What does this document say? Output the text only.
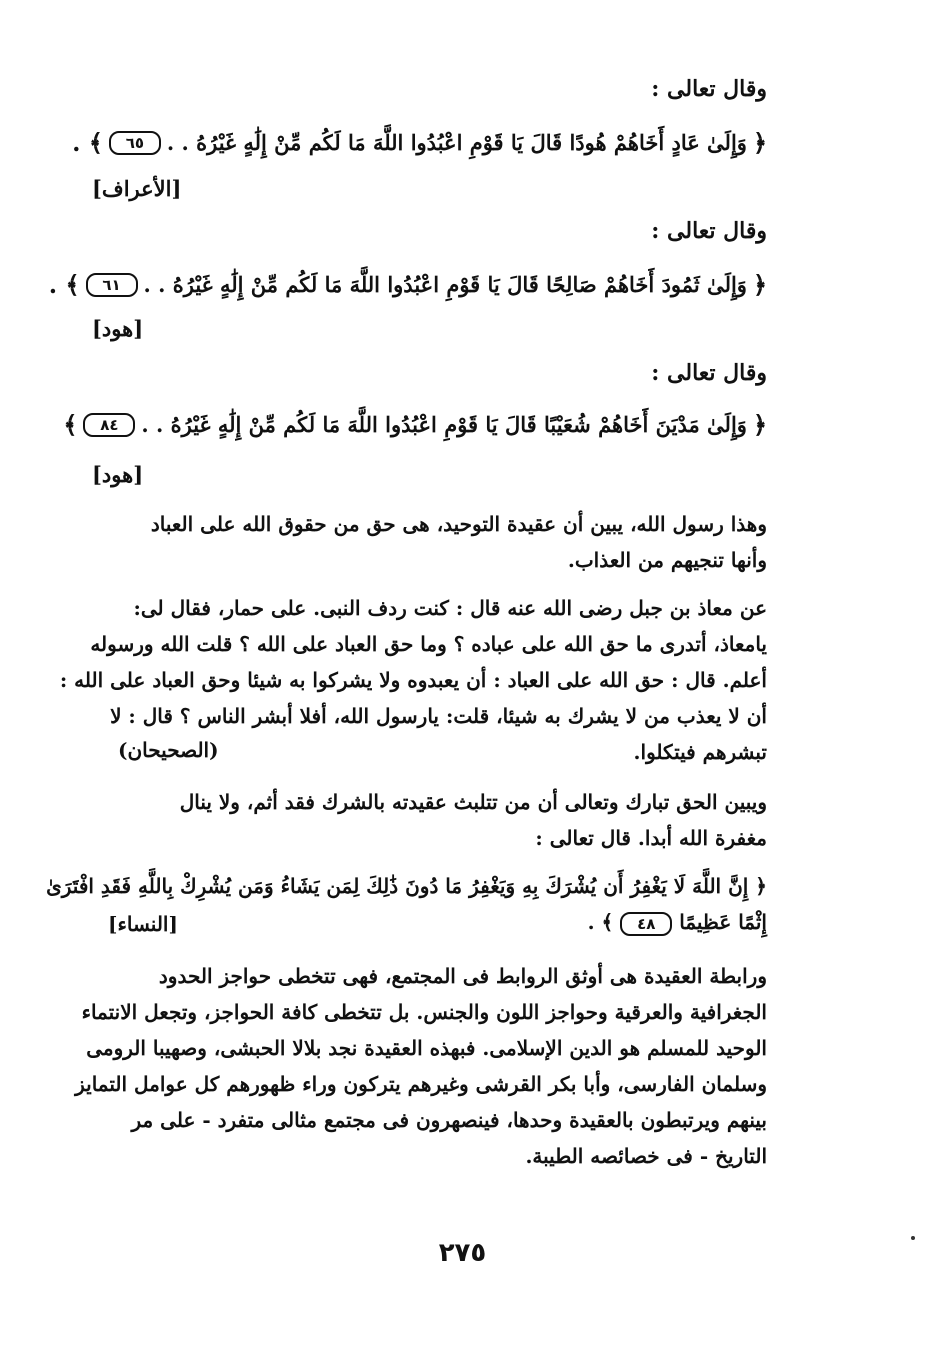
وقال تعالى :
﴿
وَإِلَىٰ عَادٍ أَخَاهُمْ هُودًا قَالَ يَا قَوْمِ اعْبُدُوا اللَّهَ مَا لَكُم مِّنْ إِلَٰهٍ غَيْرُهُ . .
٦٥
﴾ .
[الأعراف]
وقال تعالى :
﴿
وَإِلَىٰ ثَمُودَ أَخَاهُمْ صَالِحًا قَالَ يَا قَوْمِ اعْبُدُوا اللَّهَ مَا لَكُم مِّنْ إِلَٰهٍ غَيْرُهُ . .
٦١
﴾ .
[هود]
وقال تعالى :
﴿
وَإِلَىٰ مَدْيَنَ أَخَاهُمْ شُعَيْبًا قَالَ يَا قَوْمِ اعْبُدُوا اللَّهَ مَا لَكُم مِّنْ إِلَٰهٍ غَيْرُهُ . .
٨٤
﴾
[هود]
وهذا رسول الله، يبين أن عقيدة التوحيد، هى حق من حقوق الله على العباد
وأنها تنجيهم من العذاب.
عن معاذ بن جبل رضى الله عنه قال : كنت ردف النبى. على حمار، فقال لى:
يامعاذ، أتدرى ما حق الله على عباده ؟ وما حق العباد على الله ؟ قلت الله ورسوله
أعلم. قال : حق الله على العباد : أن يعبدوه ولا يشركوا به شيئا وحق العباد على الله :
أن لا يعذب من لا يشرك به شيئا، قلت: يارسول الله، أفلا أبشر الناس ؟ قال : لا
تبشرهم فيتكلوا.
(الصحيحان)
ويبين الحق تبارك وتعالى أن من تتلبث عقيدته بالشرك فقد أثم، ولا ينال
مغفرة الله أبدا. قال تعالى :
﴿ إِنَّ اللَّهَ لَا يَغْفِرُ أَن يُشْرَكَ بِهِ وَيَغْفِرُ مَا دُونَ ذَٰلِكَ لِمَن يَشَاءُ وَمَن يُشْرِكْ بِاللَّهِ فَقَدِ افْتَرَىٰ
إِثْمًا عَظِيمًا ٤٨ ﴾ .
[النساء]
ورابطة العقيدة هى أوثق الروابط فى المجتمع، فهى تتخطى حواجز الحدود
الجغرافية والعرقية وحواجز اللون والجنس. بل تتخطى كافة الحواجز، وتجعل الانتماء
الوحيد للمسلم هو الدين الإسلامى. فبهذه العقيدة نجد بلالا الحبشى، وصهيبا الرومى
وسلمان الفارسى، وأبا بكر القرشى وغيرهم يتركون وراء ظهورهم كل عوامل التمايز
بينهم ويرتبطون بالعقيدة وحدها، فينصهرون فى مجتمع مثالى متفرد - على مر
التاريخ - فى خصائصه الطيبة.
٢٧٥
